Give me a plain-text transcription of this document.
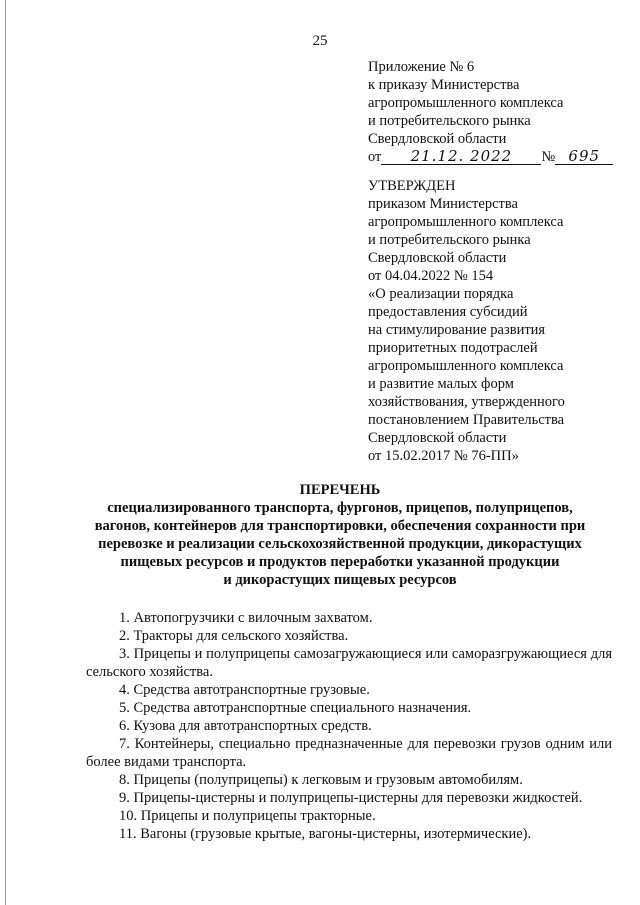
25
Приложение № 6
к приказу Министерства
агропромышленного комплекса
и потребительского рынка
Свердловской области
от 21.12. 2022 № 695
УТВЕРЖДЕН
приказом Министерства
агропромышленного комплекса
и потребительского рынка
Свердловской области
от 04.04.2022 № 154
«О реализации порядка
предоставления субсидий
на стимулирование развития
приоритетных подотраслей
агропромышленного комплекса
и развитие малых форм
хозяйствования, утвержденного
постановлением Правительства
Свердловской области
от 15.02.2017 № 76-ПП»
ПЕРЕЧЕНЬ
специализированного транспорта, фургонов, прицепов, полуприцепов,
вагонов, контейнеров для транспортировки, обеспечения сохранности при
перевозке и реализации сельскохозяйственной продукции, дикорастущих
пищевых ресурсов и продуктов переработки указанной продукции
и дикорастущих пищевых ресурсов
1. Автопогрузчики с вилочным захватом.
2. Тракторы для сельского хозяйства.
3. Прицепы и полуприцепы самозагружающиеся или саморазгружающиеся для сельского хозяйства.
4. Средства автотранспортные грузовые.
5. Средства автотранспортные специального назначения.
6. Кузова для автотранспортных средств.
7. Контейнеры, специально предназначенные для перевозки грузов одним или более видами транспорта.
8. Прицепы (полуприцепы) к легковым и грузовым автомобилям.
9. Прицепы-цистерны и полуприцепы-цистерны для перевозки жидкостей.
10. Прицепы и полуприцепы тракторные.
11. Вагоны (грузовые крытые, вагоны-цистерны, изотермические).
